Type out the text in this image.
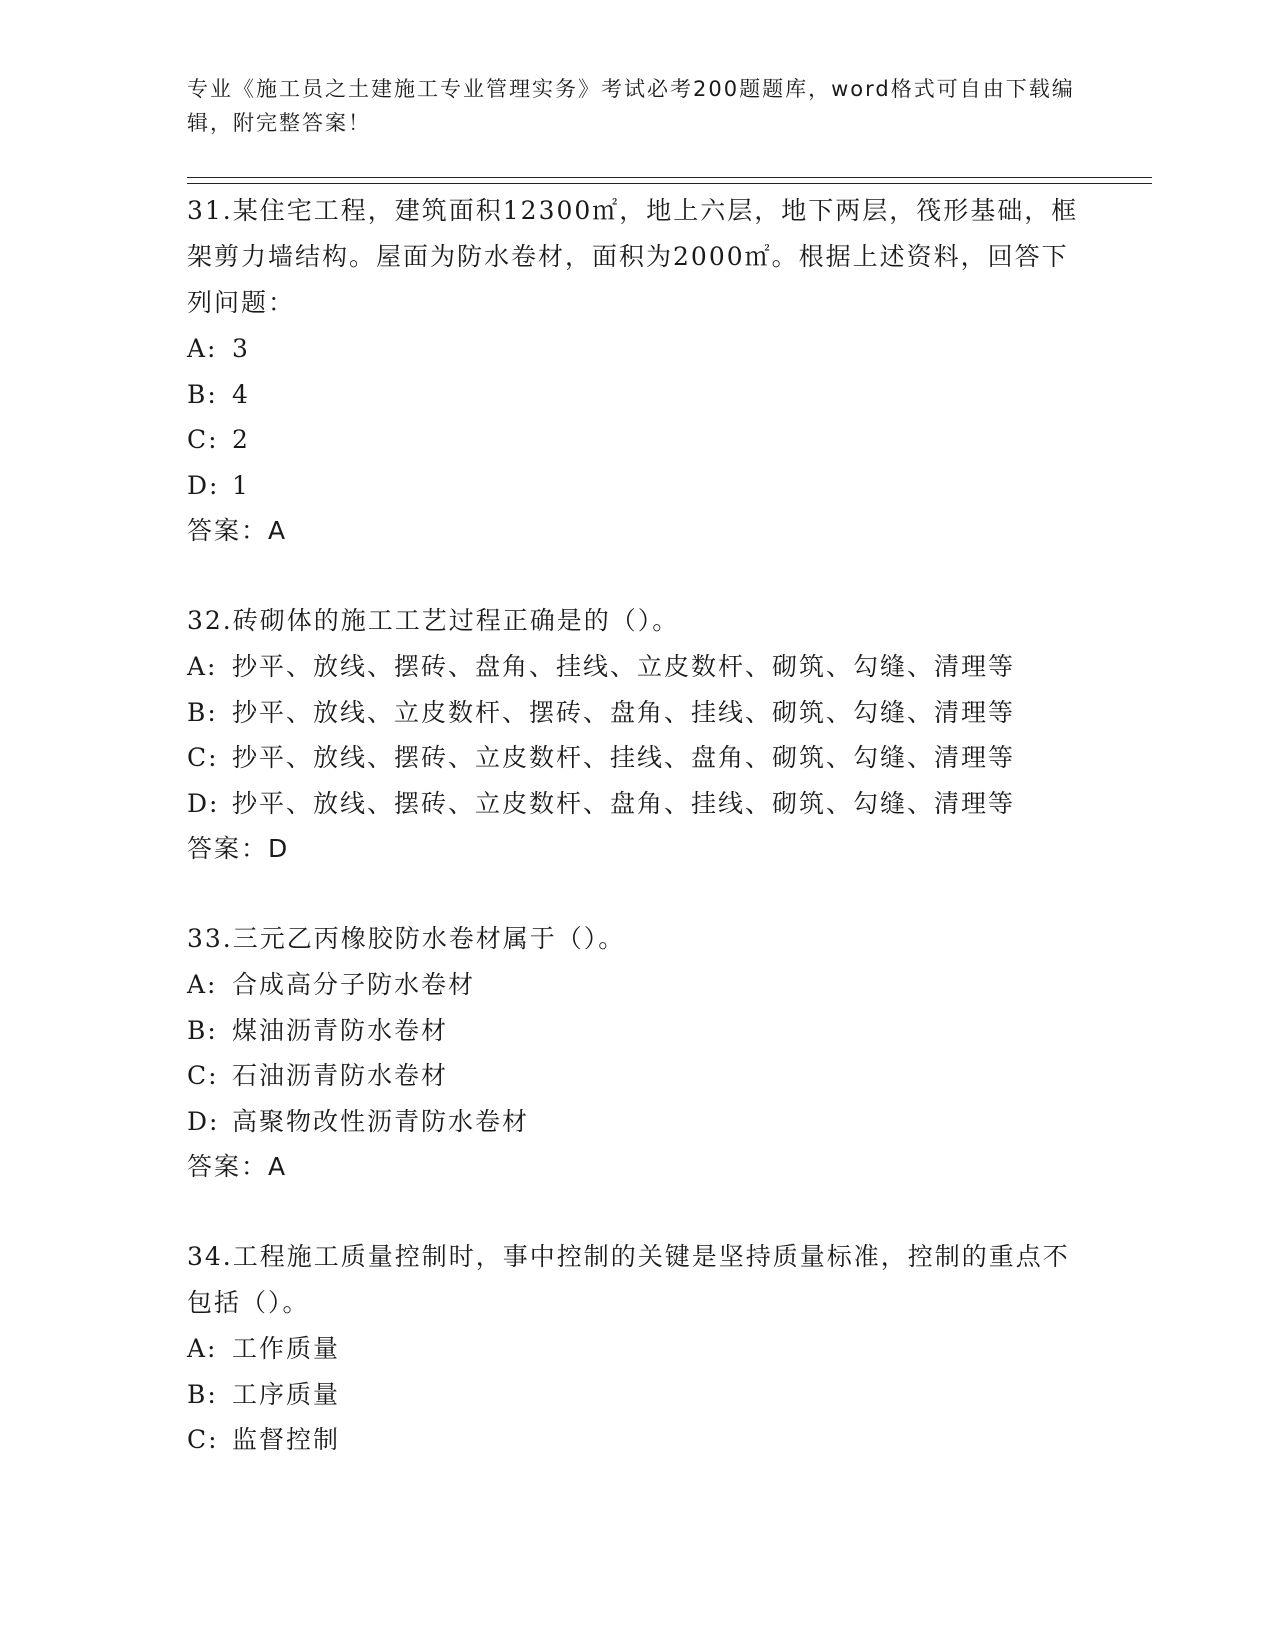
专业《施工员之土建施工专业管理实务》考试必考200题题库，word格式可自由下载编辑，附完整答案！

31.某住宅工程，建筑面积12300㎡，地上六层，地下两层，筏形基础，框架剪力墙结构。屋面为防水卷材，面积为2000㎡。根据上述资料，回答下列问题：

A: 3

B: 4

C: 2

D: 1

答案：A

32.砖砌体的施工工艺过程正确是的（）。

A: 抄平、放线、摆砖、盘角、挂线、立皮数杆、砌筑、勾缝、清理等

B: 抄平、放线、立皮数杆、摆砖、盘角、挂线、砌筑、勾缝、清理等

C: 抄平、放线、摆砖、立皮数杆、挂线、盘角、砌筑、勾缝、清理等

D: 抄平、放线、摆砖、立皮数杆、盘角、挂线、砌筑、勾缝、清理等

答案：D

33.三元乙丙橡胶防水卷材属于（）。

A: 合成高分子防水卷材

B: 煤油沥青防水卷材

C: 石油沥青防水卷材

D: 高聚物改性沥青防水卷材

答案：A

34.工程施工质量控制时，事中控制的关键是坚持质量标准，控制的重点不包括（）。

A: 工作质量

B: 工序质量

C: 监督控制
